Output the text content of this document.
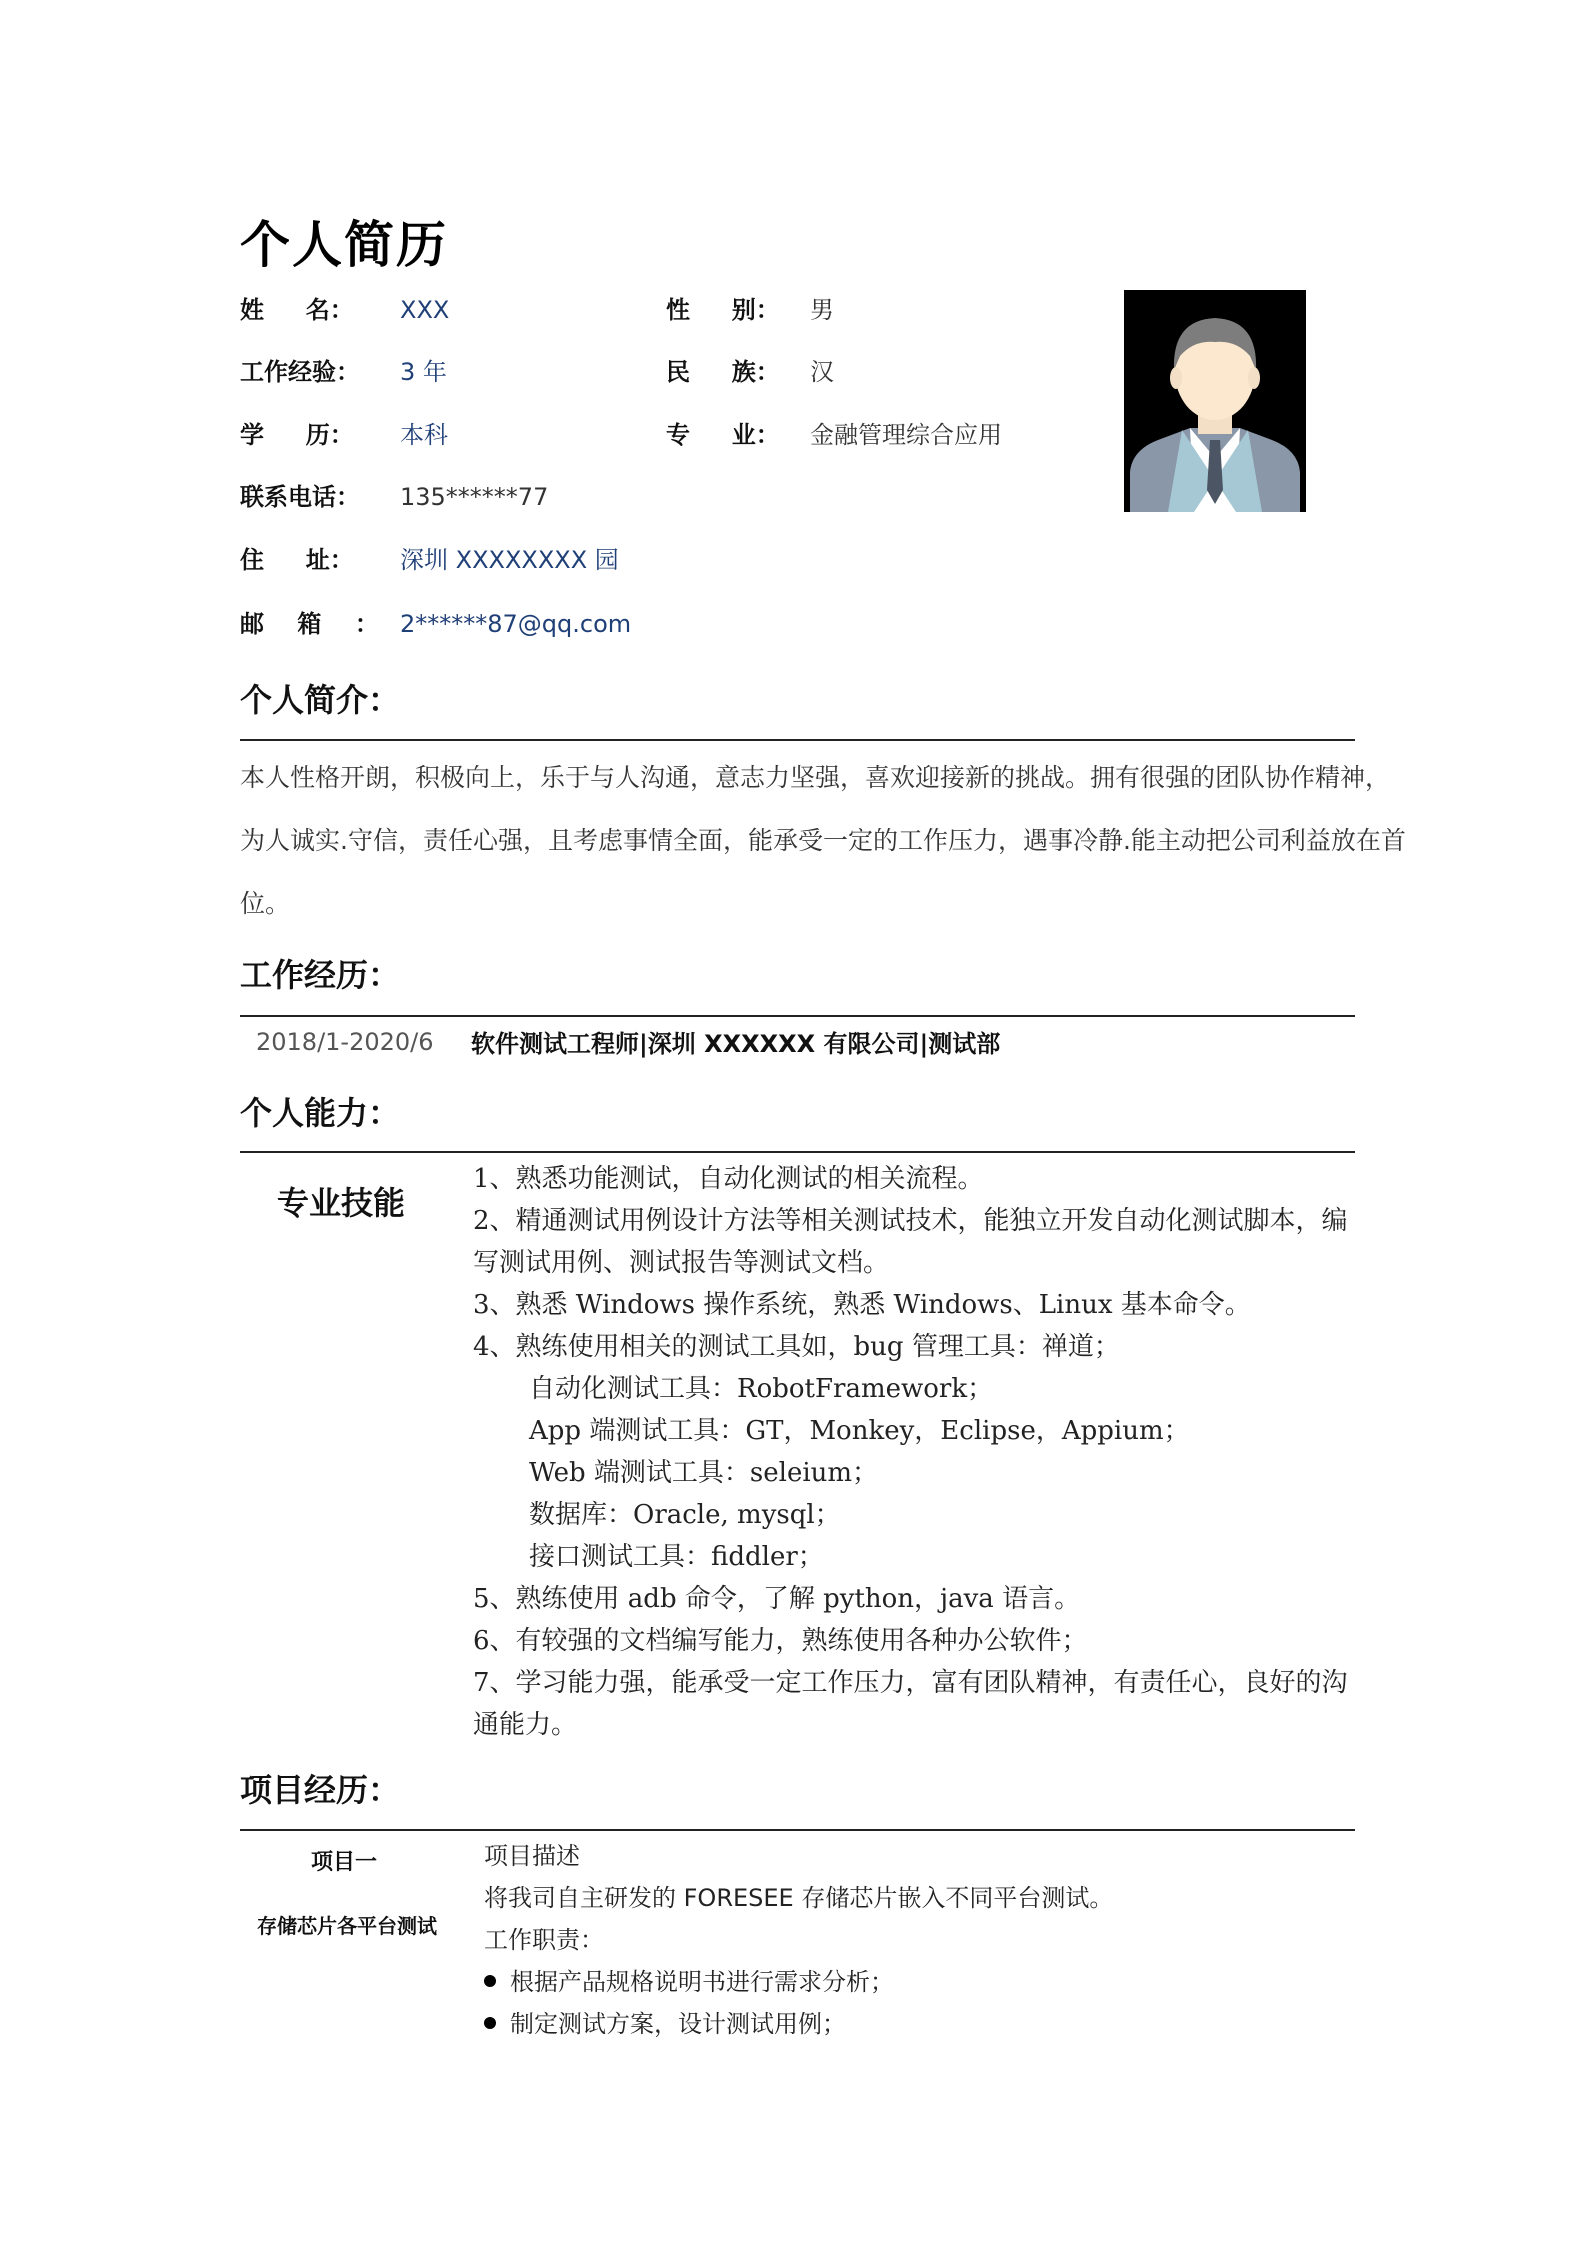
个人简历
姓     名： XXX	性     别： 男
工作经验： 3 年	民     族： 汉
学     历： 本科	专     业： 金融管理综合应用
联系电话： 135******77
住     址： 深圳 XXXXXXXX 园
邮    箱    ： 2******87@qq.com
个人简介：
本人性格开朗，积极向上，乐于与人沟通，意志力坚强，喜欢迎接新的挑战。拥有很强的团队协作精神，
为人诚实.守信，责任心强，且考虑事情全面，能承受一定的工作压力，遇事冷静.能主动把公司利益放在首
位。
工作经历：
2018/1-2020/6 软件测试工程师|深圳 XXXXXX 有限公司|测试部
个人能力：
专业技能
1、熟悉功能测试，自动化测试的相关流程。
2、精通测试用例设计方法等相关测试技术，能独立开发自动化测试脚本，编
写测试用例、测试报告等测试文档。
3、熟悉 Windows 操作系统，熟悉 Windows、Linux 基本命令。
4、熟练使用相关的测试工具如，bug 管理工具：禅道；
自动化测试工具：RobotFramework；
App 端测试工具：GT，Monkey，Eclipse，Appium；
Web 端测试工具：seleium；
数据库：Oracle, mysql；
接口测试工具：fiddler；
5、熟练使用 adb 命令，了解 python，java 语言。
6、有较强的文档编写能力，熟练使用各种办公软件；
7、学习能力强，能承受一定工作压力，富有团队精神，有责任心，良好的沟
通能力。
项目经历：
项目一
存储芯片各平台测试
项目描述
将我司自主研发的 FORESEE 存储芯片嵌入不同平台测试。
工作职责：
根据产品规格说明书进行需求分析；
制定测试方案，设计测试用例；
